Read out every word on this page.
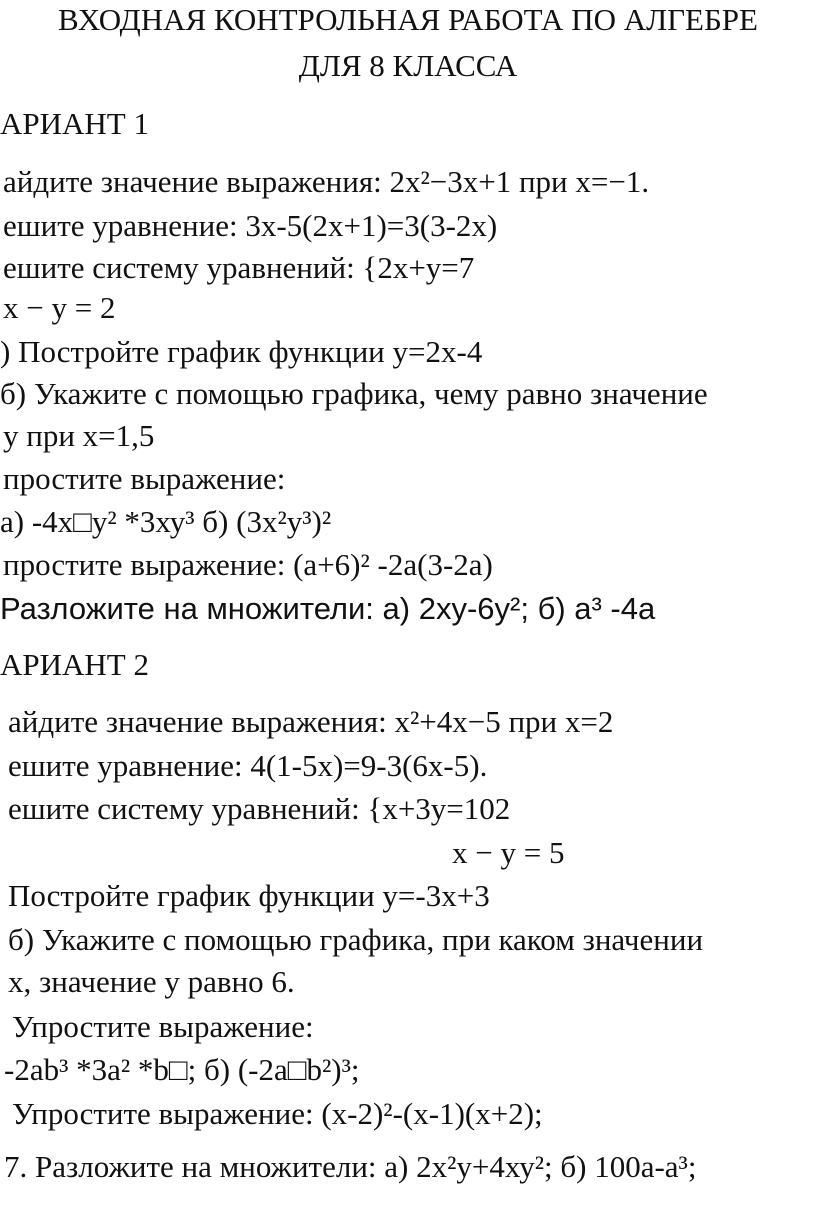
ВХОДНАЯ КОНТРОЛЬНАЯ РАБОТА ПО АЛГЕБРЕ
ДЛЯ 8 КЛАССА
АРИАНТ 1
айдите значение выражения: 2x²−3x+1 при x=−1.
ешите уравнение: 3х-5(2х+1)=3(3-2х)
ешите систему уравнений: {2x+y=7
x − y = 2
) Постройте график функции у=2х-4
б) Укажите с помощью графика, чему равно значение
у при х=1,5
простите выражение:
а) -4х□у² *3ху³ б) (3х²у³)²
простите выражение: (а+6)² -2а(3-2а)
Разложите на множители: а) 2ху-6у²; б) а³ -4а
АРИАНТ 2
айдите значение выражения: x²+4x−5 при x=2
ешите уравнение: 4(1-5х)=9-3(6х-5).
ешите систему уравнений: {x+3y=102
x − y = 5
Постройте график функции у=-3х+3
б) Укажите с помощью графика, при каком значении
х, значение у равно 6.
Упростите выражение:
-2ab³ *3a² *b□; б) (-2а□b²)³;
Упростите выражение: (х-2)²-(х-1)(х+2);
7. Разложите на множители: а) 2х²у+4ху²; б) 100а-а³;
